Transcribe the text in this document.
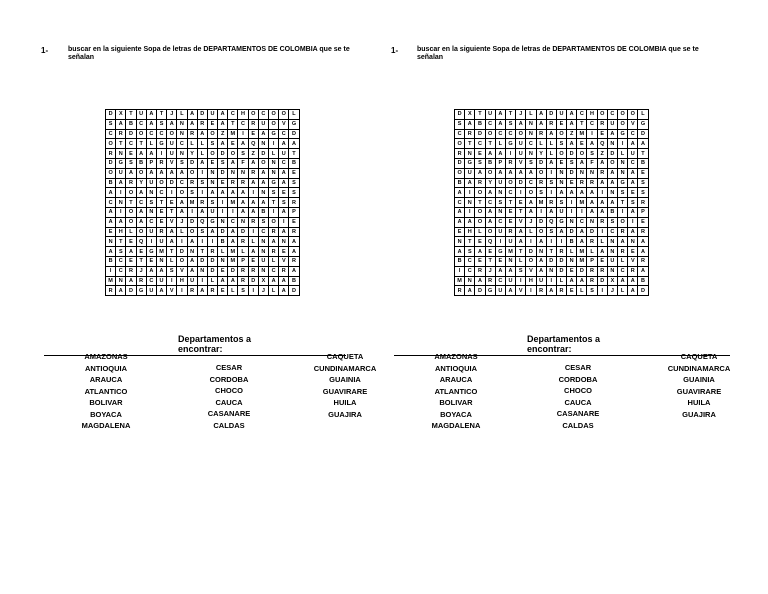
1-	buscar en la siguiente Sopa de letras de DEPARTAMENTOS DE COLOMBIA que se te señalan
D	X	T	U	A	T	J	L	A	D	U	A	C	H	O	C	O	O	L
S	A	B	C	A	S	A	N	A	R	E	A	T	C	R	U	O	V	G
C	R	D	O	C	C	O	N	R	A	O	Z	M	I	E	A	G	C	D
O	T	C	T	L	G	U	C	L	L	S	A	E	A	Q	N	I	A	A
R	N	E	A	A	I	U	N	Y	L	O	D	O	S	Z	D	L	U	T
D	G	S	B	P	R	V	S	D	A	E	S	A	F	A	O	N	C	B
O	U	A	O	A	A	A	A	O	I	N	D	N	N	R	A	N	A	E
B	A	R	Y	U	O	D	C	R	S	N	E	R	R	A	A	G	A	S
A	I	O	A	N	C	I	O	S	I	A	A	A	A	I	N	S	E	S
C	N	T	C	S	T	E	A	M	R	S	I	M	A	A	A	T	S	R
A	I	O	A	N	E	T	A	I	A	U	I	I	A	A	B	I	A	P
A	A	O	A	C	E	V	J	D	Q	G	N	C	N	R	S	O	I	E
E	H	L	O	U	R	A	L	O	S	A	D	A	D	I	C	R	A	R
N	T	E	Q	I	U	A	I	A	I	I	B	A	R	L	N	A	N	A
A	S	A	E	G	M	T	D	N	T	R	L	M	L	A	N	R	E	A
B	C	E	T	E	N	L	O	A	D	D	N	M	P	E	U	L	V	R
I	C	R	J	A	A	S	V	A	N	D	E	D	R	R	N	C	R	A
M	N	A	R	C	U	I	H	U	I	L	A	A	R	D	X	A	A	B
R	A	D	G	U	A	V	I	R	A	R	E	L	S	I	J	L	A	D
Departamentos a encontrar:
AMAZONAS
ANTIOQUIA
ARAUCA
ATLANTICO
BOLIVAR
BOYACA
MAGDALENA
CESAR
CORDOBA
CHOCO
CAUCA
CASANARE
CALDAS
CAQUETA
CUNDINAMARCA
GUAINIA
GUAVIRARE
HUILA
GUAJIRA
1-	buscar en la siguiente Sopa de letras de DEPARTAMENTOS DE COLOMBIA que se te señalan
D	X	T	U	A	T	J	L	A	D	U	A	C	H	O	C	O	O	L
S	A	B	C	A	S	A	N	A	R	E	A	T	C	R	U	O	V	G
C	R	D	O	C	C	O	N	R	A	O	Z	M	I	E	A	G	C	D
O	T	C	T	L	G	U	C	L	L	S	A	E	A	Q	N	I	A	A
R	N	E	A	A	I	U	N	Y	L	O	D	O	S	Z	D	L	U	T
D	G	S	B	P	R	V	S	D	A	E	S	A	F	A	O	N	C	B
O	U	A	O	A	A	A	A	O	I	N	D	N	N	R	A	N	A	E
B	A	R	Y	U	O	D	C	R	S	N	E	R	R	A	A	G	A	S
A	I	O	A	N	C	I	O	S	I	A	A	A	A	I	N	S	E	S
C	N	T	C	S	T	E	A	M	R	S	I	M	A	A	A	T	S	R
A	I	O	A	N	E	T	A	I	A	U	I	I	A	A	B	I	A	P
A	A	O	A	C	E	V	J	D	Q	G	N	C	N	R	S	O	I	E
E	H	L	O	U	R	A	L	O	S	A	D	A	D	I	C	R	A	R
N	T	E	Q	I	U	A	I	A	I	I	B	A	R	L	N	A	N	A
A	S	A	E	G	M	T	D	N	T	R	L	M	L	A	N	R	E	A
B	C	E	T	E	N	L	O	A	D	D	N	M	P	E	U	L	V	R
I	C	R	J	A	A	S	V	A	N	D	E	D	R	R	N	C	R	A
M	N	A	R	C	U	I	H	U	I	L	A	A	R	D	X	A	A	B
R	A	D	G	U	A	V	I	R	A	R	E	L	S	I	J	L	A	D
Departamentos a encontrar:
AMAZONAS
ANTIOQUIA
ARAUCA
ATLANTICO
BOLIVAR
BOYACA
MAGDALENA
CESAR
CORDOBA
CHOCO
CAUCA
CASANARE
CALDAS
CAQUETA
CUNDINAMARCA
GUAINIA
GUAVIRARE
HUILA
GUAJIRA
